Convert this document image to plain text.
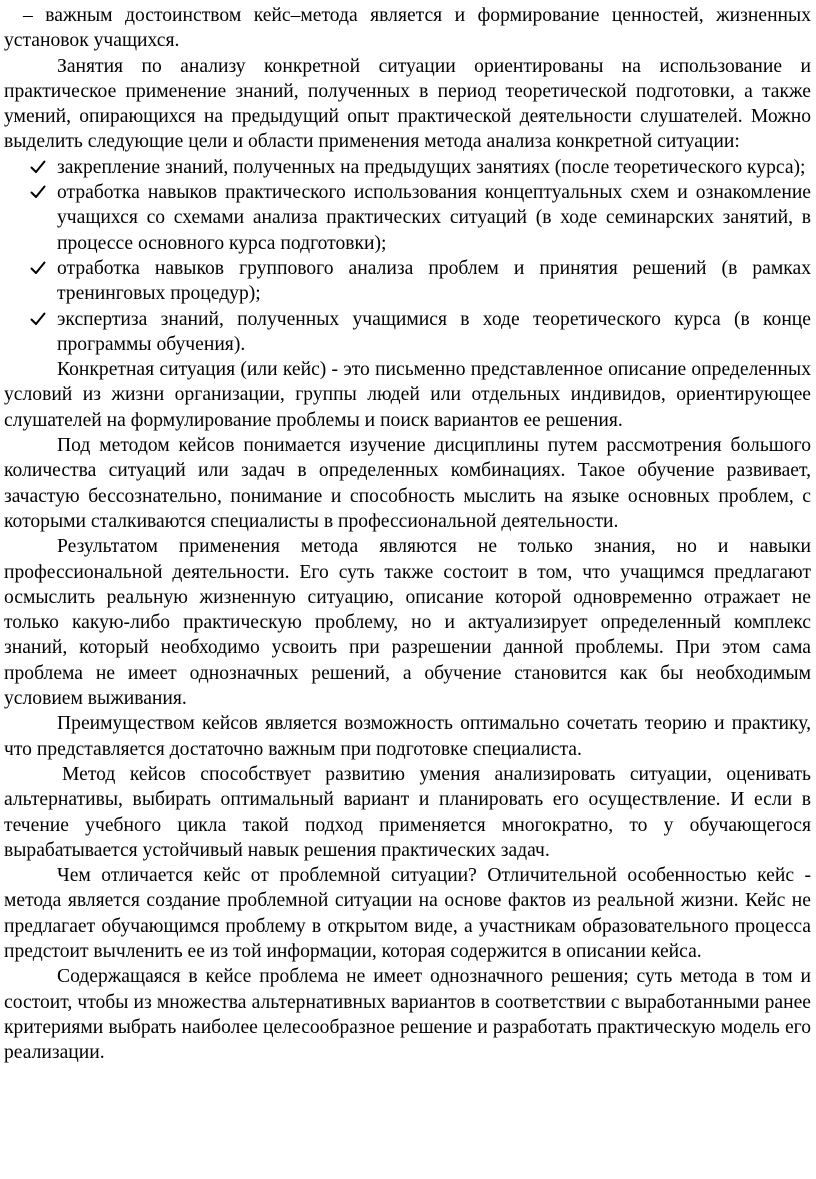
– важным достоинством кейс–метода является и формирование ценностей, жизненных установок учащихся.

Занятия по анализу конкретной ситуации ориентированы на использование и практическое применение знаний, полученных в период теоретической подготовки, а также умений, опирающихся на предыдущий опыт практической деятельности слушателей. Можно выделить следующие цели и области применения метода анализа конкретной ситуации:

закрепление знаний, полученных на предыдущих занятиях (после теоретического курса);
отработка навыков практического использования концептуальных схем и ознакомление учащихся со схемами анализа практических ситуаций (в ходе семинарских занятий, в процессе основного курса подготовки);
отработка навыков группового анализа проблем и принятия решений (в рамках тренинговых процедур);
экспертиза знаний, полученных учащимися в ходе теоретического курса (в конце программы обучения).

Конкретная ситуация (или кейс) - это письменно представленное описание определенных условий из жизни организации, группы людей или отдельных индивидов, ориентирующее слушателей на формулирование проблемы и поиск вариантов ее решения.

Под методом кейсов понимается изучение дисциплины путем рассмотрения большого количества ситуаций или задач в определенных комбинациях. Такое обучение развивает, зачастую бессознательно, понимание и способность мыслить на языке основных проблем, с которыми сталкиваются специалисты в профессиональной деятельности.

Результатом применения метода являются не только знания, но и навыки профессиональной деятельности. Его суть также состоит в том, что учащимся предлагают осмыслить реальную жизненную ситуацию, описание которой одновременно отражает не только какую-либо практическую проблему, но и актуализирует определенный комплекс знаний, который необходимо усвоить при разрешении данной проблемы. При этом сама проблема не имеет однозначных решений, а обучение становится как бы необходимым условием выживания.

Преимуществом кейсов является возможность оптимально сочетать теорию и практику, что представляется достаточно важным при подготовке специалиста.

Метод кейсов способствует развитию умения анализировать ситуации, оценивать альтернативы, выбирать оптимальный вариант и планировать его осуществление. И если в течение учебного цикла такой подход применяется многократно, то у обучающегося вырабатывается устойчивый навык решения практических задач.

Чем отличается кейс от проблемной ситуации? Отличительной особенностью кейс - метода является создание проблемной ситуации на основе фактов из реальной жизни. Кейс не предлагает обучающимся проблему в открытом виде, а участникам образовательного процесса предстоит вычленить ее из той информации, которая содержится в описании кейса.

Содержащаяся в кейсе проблема не имеет однозначного решения; суть метода в том и состоит, чтобы из множества альтернативных вариантов в соответствии с выработанными ранее критериями выбрать наиболее целесообразное решение и разработать практическую модель его реализации.
